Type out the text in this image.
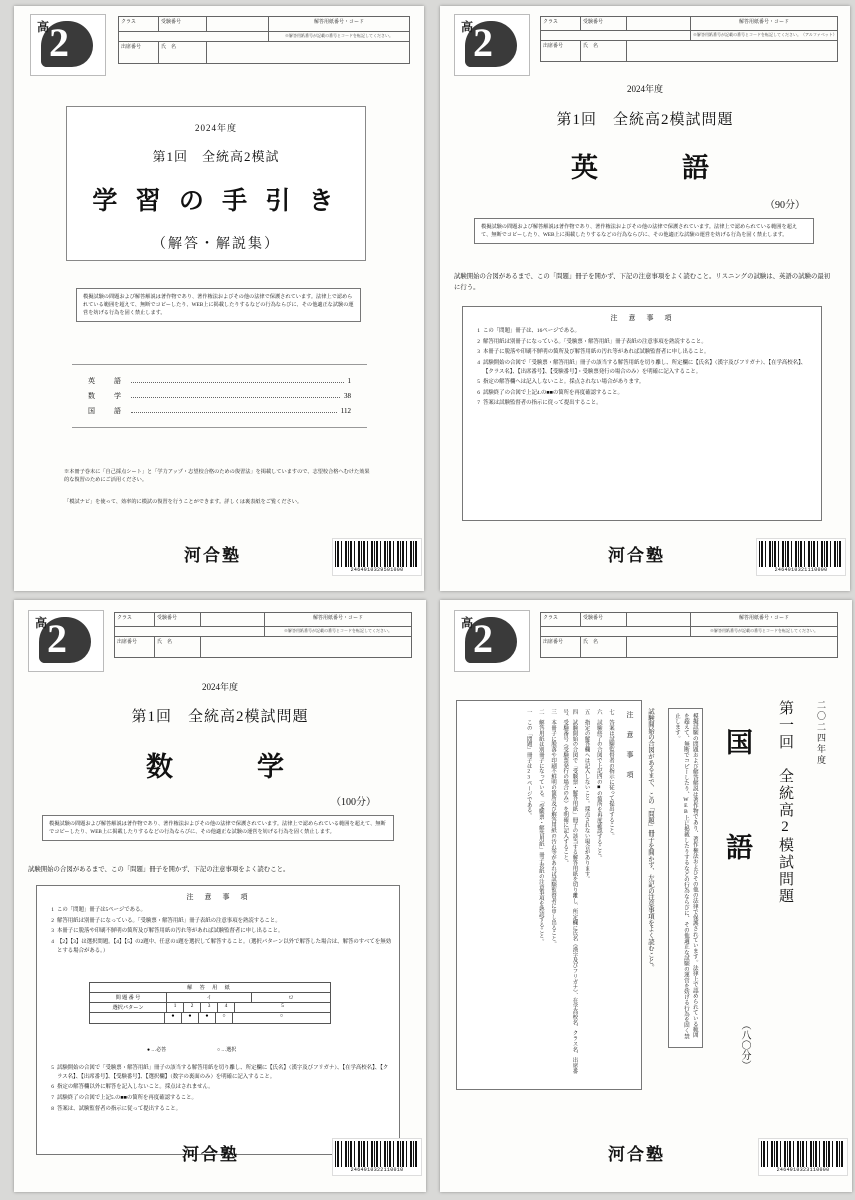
高 2	クラス	受験番号	解答用紙番号・コード
※解答用紙番号が記載の番号とコードを転記してください。
出席番号	氏　名
2024年度
第1回　全統高2模試
学 習 の 手 引 き
（解答・解説集）
模擬試験の問題および解答解説は著作物であり、著作権法およびその他の法律で保護されています。法律上で認められている範囲を超えて、無断でコピーしたり、WEB上に掲載したりするなどの行為ならびに、その他適正な試験の運営を妨げる行為を固く禁止します。
英　語	1
数　学	38
国　語	112
※本冊子巻末に「自己採点シート」と「学力アップ・志望校合格のための復習法」を掲載していますので、志望校合格へむけた効果的な復習のためにご活用ください。
「模試ナビ」を使って、効率的に模試の復習を行うことができます。詳しくは裏表紙をご覧ください。
河合塾
2464910329501000
高 2	クラス	受験番号	解答用紙番号・コード
※解答用紙番号が記載の番号とコードを転記してください。（アルファベット）
出席番号	氏　名
2024年度
第1回　全統高2模試問題
英　　語
（90分）
模擬試験の問題および解答解説は著作物であり、著作権法およびその他の法律で保護されています。法律上で認められている範囲を超えて、無断でコピーしたり、WEB上に掲載したりするなどの行為ならびに、その他適正な試験の運営を妨げる行為を固く禁止します。
試験開始の合図があるまで、この「問題」冊子を開かず、下記の注意事項をよく読むこと。リスニングの試験は、英語の試験の最初に行う。
注　意　事　項
1 この「問題」冊子は、16ページである。
2 解答用紙は別冊子になっている。「受験票・解答用紙」冊子表紙の注意事項を熟読すること。
3 本冊子に脱落や印刷不鮮明の箇所及び解答用紙の汚れ等があれば試験監督者に申し出ること。
4 試験開始の合図で「受験票・解答用紙」冊子の該当する解答用紙を切り離し、所定欄に【氏名】（漢字及びフリガナ）、【在学高校名】、【クラス名】、【出席番号】、【受験番号】・受験票発行の場合のみ）を明確に記入すること。
5 指定の解答欄へは記入しないこと。採点されない場合があります。
6 試験終了の合図で上記4.の■■の箇所を再度確認すること。
7 答案は試験監督者の指示に従って提出すること。
河合塾
2464910321110000
高 2	クラス	受験番号	解答用紙番号・コード
※解答用紙番号が記載の番号とコードを転記してください。
出席番号	氏　名
2024年度
第1回　全統高2模試問題
数　　学
（100分）
模擬試験の問題および解答解説は著作物であり、著作権法およびその他の法律で保護されています。法律上で認められている範囲を超えて、無断でコピーしたり、WEB上に掲載したりするなどの行為ならびに、その他適正な試験の運営を妨げる行為を固く禁止します。
試験開始の合図があるまで、この「問題」冊子を開かず、下記の注意事項をよく読むこと。
注　意　事　項
1 この「問題」冊子は5ページである。
2 解答用紙は別冊子になっている。「受験票・解答用紙」冊子表紙の注意事項を熟読すること。
3 本冊子に脱落や印刷不鮮明の箇所及び解答用紙の汚れ等があれば試験監督者に申し出ること。
4 【2】【3】は選択問題。【4】【5】の2題中、任意の1題を選択して解答すること。（選択パターン以外で解答した場合は、解答のすべてを無効とする場合がある。）
解 答 用 紙
問 題 番 号	イ	ロ
選択パターン	1	2	3	4	5
●	●	●	○	○
● …必答	○ …選択
5 試験開始の合図で「受験票・解答用紙」冊子の該当する解答用紙を切り離し、所定欄に【氏名】（漢字及びフリガナ）、【在学高校名】、【クラス名】、【出席番号】、【受験番号】、【選択欄】（数字の裏面のみ）を明確に記入すること。
6 指定の解答欄以外に解答を記入しないこと。採点はされません。
7 試験終了の合図で上記5.の■■の箇所を再度確認すること。
8 答案は、試験監督者の指示に従って提出すること。
河合塾
2464910322110010
高 2	クラス	受験番号	解答用紙番号・コード
※解答用紙番号が記載の番号とコードを転記してください。
出席番号	氏　名
二〇二四年度
第一回　全統高2模試問題
国　　語
（八〇分）
模擬試験の問題および解答解説は著作物であり、著作権法およびその他の法律で保護されています。法律上で認められている範囲を超えて、無断でコピーしたり、WEB上に掲載したりするなどの行為ならびに、その他適正な試験の運営を妨げる行為を固く禁止します。
試験開始の合図があるまで、この「問題」冊子を開かず、左記の注意事項をよく読むこと。
注　意　事　項
一　この「問題」冊子は23ページである。
二　解答用紙は別冊子になっている。「受験票・解答用紙」冊子表紙の注意事項を熟読すること。
三　本冊子に脱落や印刷不鮮明の箇所及び解答用紙の汚れ等があれば試験監督者に申し出ること。
四　試験開始の合図で「受験票・解答用紙」冊子の該当する解答用紙を切り離し、所定欄に氏名（漢字及びフリガナ）、在学高校名、クラス名、出席番号、受験番号（受験票発行の場合のみ）を明確に記入すること。	五　指定の解答欄へは記入しないこと。採点されない場合があります。
六　試験終了の合図で上記四の■の箇所を再度確認すること。
七　答案は試験監督者の指示に従って提出すること。
河合塾
2464910323110000
